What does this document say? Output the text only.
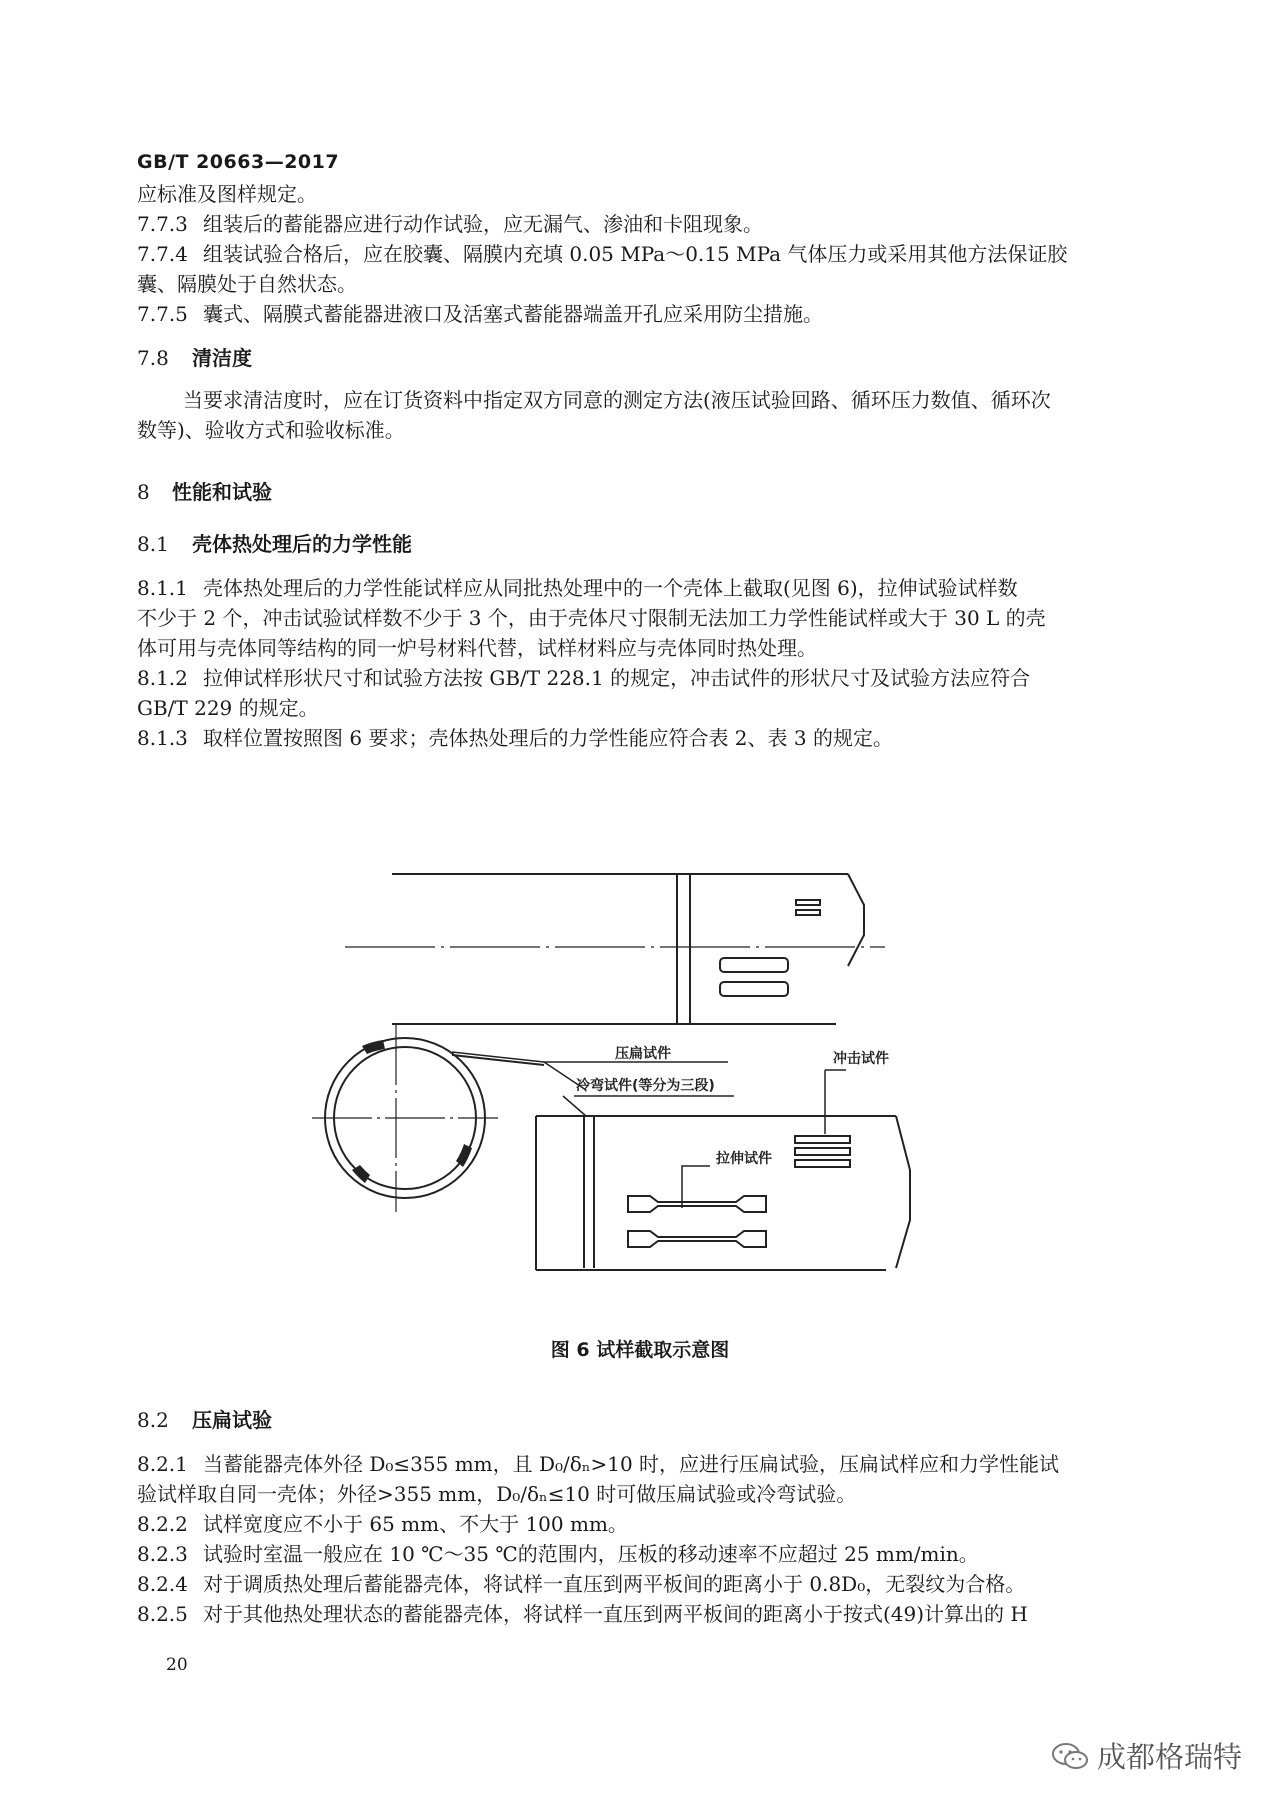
GB/T 20663—2017
应标准及图样规定。
7.7.3 组装后的蓄能器应进行动作试验，应无漏气、渗油和卡阻现象。
7.7.4 组装试验合格后，应在胶囊、隔膜内充填 0.05 MPa～0.15 MPa 气体压力或采用其他方法保证胶
囊、隔膜处于自然状态。
7.7.5 囊式、隔膜式蓄能器进液口及活塞式蓄能器端盖开孔应采用防尘措施。
7.8 清洁度
当要求清洁度时，应在订货资料中指定双方同意的测定方法(液压试验回路、循环压力数值、循环次
数等)、验收方式和验收标准。
8 性能和试验
8.1 壳体热处理后的力学性能
8.1.1 壳体热处理后的力学性能试样应从同批热处理中的一个壳体上截取(见图 6)，拉伸试验试样数
不少于 2 个，冲击试验试样数不少于 3 个，由于壳体尺寸限制无法加工力学性能试样或大于 30 L 的壳
体可用与壳体同等结构的同一炉号材料代替，试样材料应与壳体同时热处理。
8.1.2 拉伸试样形状尺寸和试验方法按 GB/T 228.1 的规定，冲击试件的形状尺寸及试验方法应符合
GB/T 229 的规定。
8.1.3 取样位置按照图 6 要求；壳体热处理后的力学性能应符合表 2、表 3 的规定。
压扁试件
冷弯试件(等分为三段)
冲击试件
拉伸试件
图 6 试样截取示意图
8.2 压扁试验
8.2.1 当蓄能器壳体外径 D₀≤355 mm，且 D₀/δₙ>10 时，应进行压扁试验，压扁试样应和力学性能试
验试样取自同一壳体；外径>355 mm，D₀/δₙ≤10 时可做压扁试验或冷弯试验。
8.2.2 试样宽度应不小于 65 mm、不大于 100 mm。
8.2.3 试验时室温一般应在 10 ℃～35 ℃的范围内，压板的移动速率不应超过 25 mm/min。
8.2.4 对于调质热处理后蓄能器壳体，将试样一直压到两平板间的距离小于 0.8D₀，无裂纹为合格。
8.2.5 对于其他热处理状态的蓄能器壳体，将试样一直压到两平板间的距离小于按式(49)计算出的 H
20
成都格瑞特
